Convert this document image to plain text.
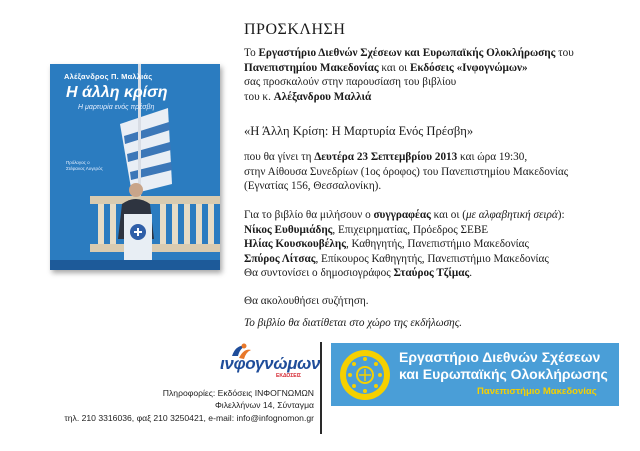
Αλέξανδρος Π. Μαλλιάς
Η άλλη κρίση
Η μαρτυρία ενός πρέσβη
Πρόλογος ο Στέφανος Λυγερός
ΠΡΟΣΚΛΗΣΗ
Το Εργαστήριο Διεθνών Σχέσεων και Ευρωπαϊκής Ολοκλήρωσης του
Πανεπιστημίου Μακεδονίας και οι Εκδόσεις «Ινφογνώμων»
σας προσκαλούν στην παρουσίαση του βιβλίου
του κ. Αλέξανδρου Μαλλιά
«Η Άλλη Κρίση: Η Μαρτυρία Ενός Πρέσβη»
που θα γίνει τη Δευτέρα 23 Σεπτεμβρίου 2013 και ώρα 19:30,
στην Αίθουσα Συνεδρίων (1ος όροφος) του Πανεπιστημίου Μακεδονίας
(Εγνατίας 156, Θεσσαλονίκη).
Για το βιβλίο θα μιλήσουν ο συγγραφέας και οι (με αλφαβητική σειρά):
Νίκος Ευθυμιάδης, Επιχειρηματίας, Πρόεδρος ΣΕΒΕ
Ηλίας Κουσκουβέλης, Καθηγητής, Πανεπιστήμιο Μακεδονίας
Σπύρος Λίτσας, Επίκουρος Καθηγητής, Πανεπιστήμιο Μακεδονίας
Θα συντονίσει ο δημοσιογράφος Σταύρος Τζίμας.
Θα ακολουθήσει συζήτηση.
Το βιβλίο θα διατίθεται στο χώρο της εκδήλωσης.
ινφογνώμων
ΕΚΔΟΣΕΙΣ
Πληροφορίες: Εκδόσεις ΙΝΦΟΓΝΩΜΩΝ
Φιλελλήνων 14, Σύνταγμα
τηλ. 210 3316036, φαξ 210 3250421, e-mail: info@infognomon.gr
Εργαστήριο Διεθνών Σχέσεων
και Ευρωπαϊκής Ολοκλήρωσης
Πανεπιστήμιο Μακεδονίας
